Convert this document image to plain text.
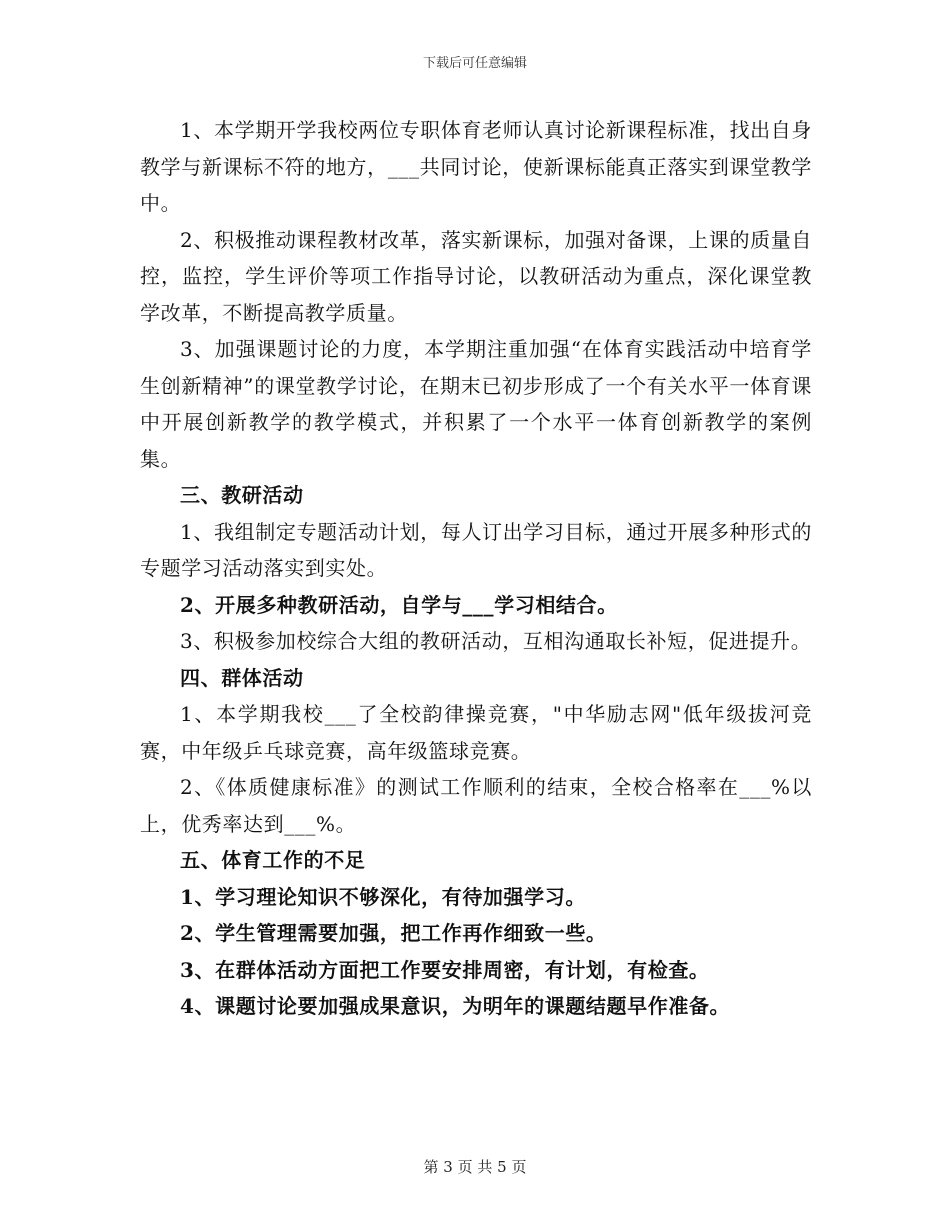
下载后可任意编辑

1、本学期开学我校两位专职体育老师认真讨论新课程标准，找出自身教学与新课标不符的地方，___共同讨论，使新课标能真正落实到课堂教学中。

2、积极推动课程教材改革，落实新课标，加强对备课，上课的质量自控，监控，学生评价等项工作指导讨论，以教研活动为重点，深化课堂教学改革，不断提高教学质量。

3、加强课题讨论的力度，本学期注重加强“在体育实践活动中培育学生创新精神”的课堂教学讨论，在期末已初步形成了一个有关水平一体育课中开展创新教学的教学模式，并积累了一个水平一体育创新教学的案例集。

三、教研活动

1、我组制定专题活动计划，每人订出学习目标，通过开展多种形式的专题学习活动落实到实处。

2、开展多种教研活动，自学与___学习相结合。

3、积极参加校综合大组的教研活动，互相沟通取长补短，促进提升。

四、群体活动

1、本学期我校___了全校韵律操竞赛，"中华励志网"低年级拔河竞赛，中年级乒乓球竞赛，高年级篮球竞赛。

2、《体质健康标准》的测试工作顺利的结束，全校合格率在___%以上，优秀率达到___%。

五、体育工作的不足

1、学习理论知识不够深化，有待加强学习。

2、学生管理需要加强，把工作再作细致一些。

3、在群体活动方面把工作要安排周密，有计划，有检查。

4、课题讨论要加强成果意识，为明年的课题结题早作准备。

第 3 页 共 5 页
